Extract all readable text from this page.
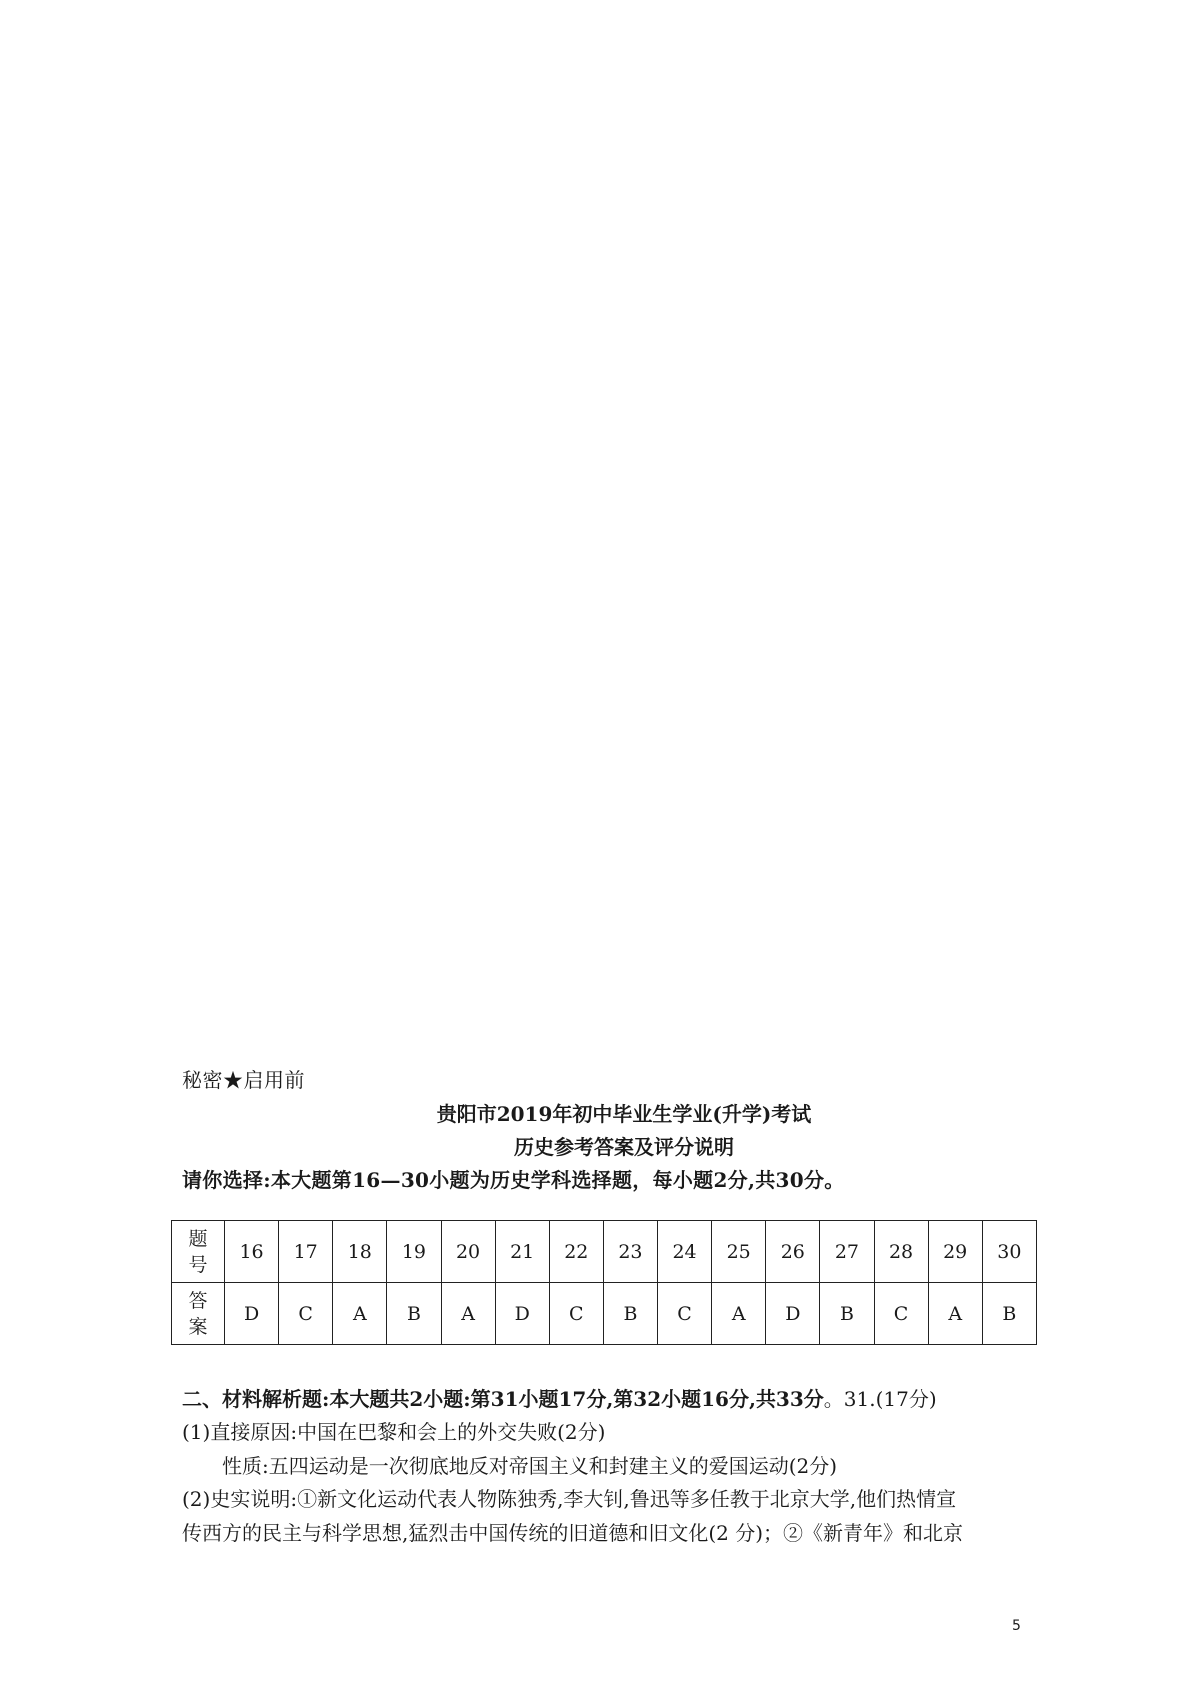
秘密★启用前
贵阳市2019年初中毕业生学业(升学)考试
历史参考答案及评分说明
请你选择:本大题第16—30小题为历史学科选择题，每小题2分,共30分。
题
号	16	17	18	19	20	21	22	23	24	25	26	27	28	29	30

答
案	D	C	A	B	A	D	C	B	C	A	D	B	C	A	B
二、材料解析题:本大题共2小题:第31小题17分,第32小题16分,共33分。31.(17分)
(1)直接原因:中国在巴黎和会上的外交失败(2分)
性质:五四运动是一次彻底地反对帝国主义和封建主义的爱国运动(2分)
(2)史实说明:①新文化运动代表人物陈独秀,李大钊,鲁迅等多任教于北京大学,他们热情宣
传西方的民主与科学思想,猛烈击中国传统的旧道德和旧文化(2 分)；②《新青年》和北京
5
